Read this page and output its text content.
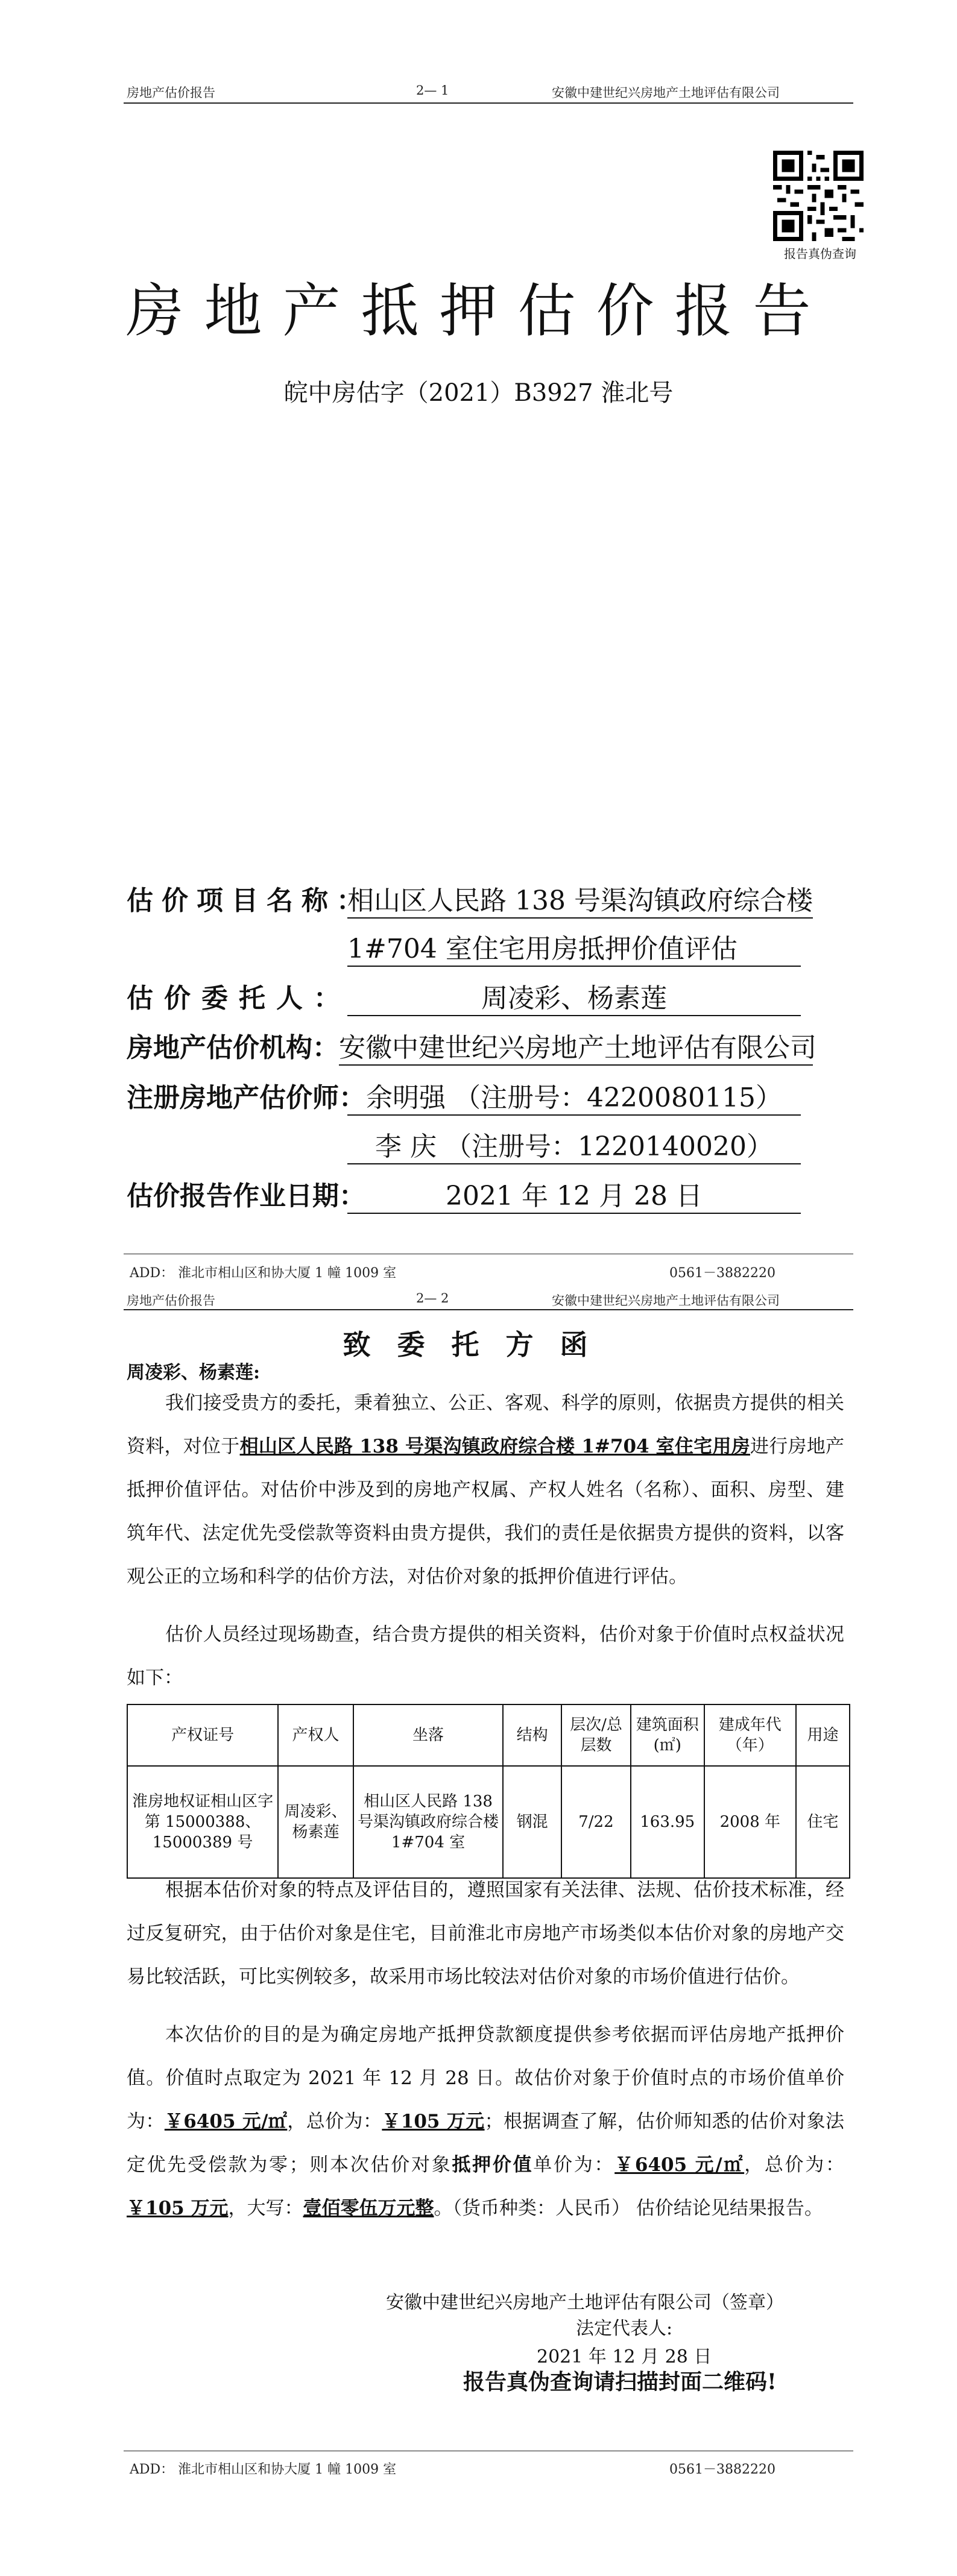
房地产估价报告	2— 1	安徽中建世纪兴房地产土地评估有限公司
报告真伪查询
房地产抵押估价报告
皖中房估字（2021）B3927 淮北号
估价项目名称：相山区人民路 138 号渠沟镇政府综合楼
1#704 室住宅用房抵押价值评估
估价委托人：	周凌彩、杨素莲
房地产估价机构：安徽中建世纪兴房地产土地评估有限公司
注册房地产估价师：余明强 （注册号：4220080115）
李 庆 （注册号：1220140020）
估价报告作业日期：	2021 年 12 月 28 日
ADD： 淮北市相山区和协大厦 1 幢 1009 室	0561－3882220
房地产估价报告	2— 2	安徽中建世纪兴房地产土地评估有限公司
致委托方函
周凌彩、杨素莲:
我们接受贵方的委托，秉着独立、公正、客观、科学的原则，依据贵方提供的相关资料，对位于相山区人民路 138 号渠沟镇政府综合楼 1#704 室住宅用房进行房地产抵押价值评估。对估价中涉及到的房地产权属、产权人姓名（名称）、面积、房型、建筑年代、法定优先受偿款等资料由贵方提供，我们的责任是依据贵方提供的资料，以客观公正的立场和科学的估价方法，对估价对象的抵押价值进行评估。
估价人员经过现场勘查，结合贵方提供的相关资料，估价对象于价值时点权益状况如下：
产权证号	产权人	坐落	结构	层次/总层数	建筑面积(㎡)	建成年代（年）	用途
淮房地权证相山区字第 15000388、15000389 号	周凌彩、杨素莲	相山区人民路 138 号渠沟镇政府综合楼 1#704 室	钢混	7/22	163.95	2008 年	住宅
根据本估价对象的特点及评估目的，遵照国家有关法律、法规、估价技术标准，经过反复研究，由于估价对象是住宅，目前淮北市房地产市场类似本估价对象的房地产交易比较活跃，可比实例较多，故采用市场比较法对估价对象的市场价值进行估价。
本次估价的目的是为确定房地产抵押贷款额度提供参考依据而评估房地产抵押价值。价值时点取定为 2021 年 12 月 28 日。故估价对象于价值时点的市场价值单价为：￥6405 元/㎡，总价为：￥105 万元；根据调查了解，估价师知悉的估价对象法定优先受偿款为零；则本次估价对象抵押价值单价为：￥6405 元/㎡，总价为：￥105 万元，大写：壹佰零伍万元整。（货币种类：人民币） 估价结论见结果报告。
安徽中建世纪兴房地产土地评估有限公司（签章）
法定代表人:
2021 年 12 月 28 日
报告真伪查询请扫描封面二维码!
ADD： 淮北市相山区和协大厦 1 幢 1009 室	0561－3882220
